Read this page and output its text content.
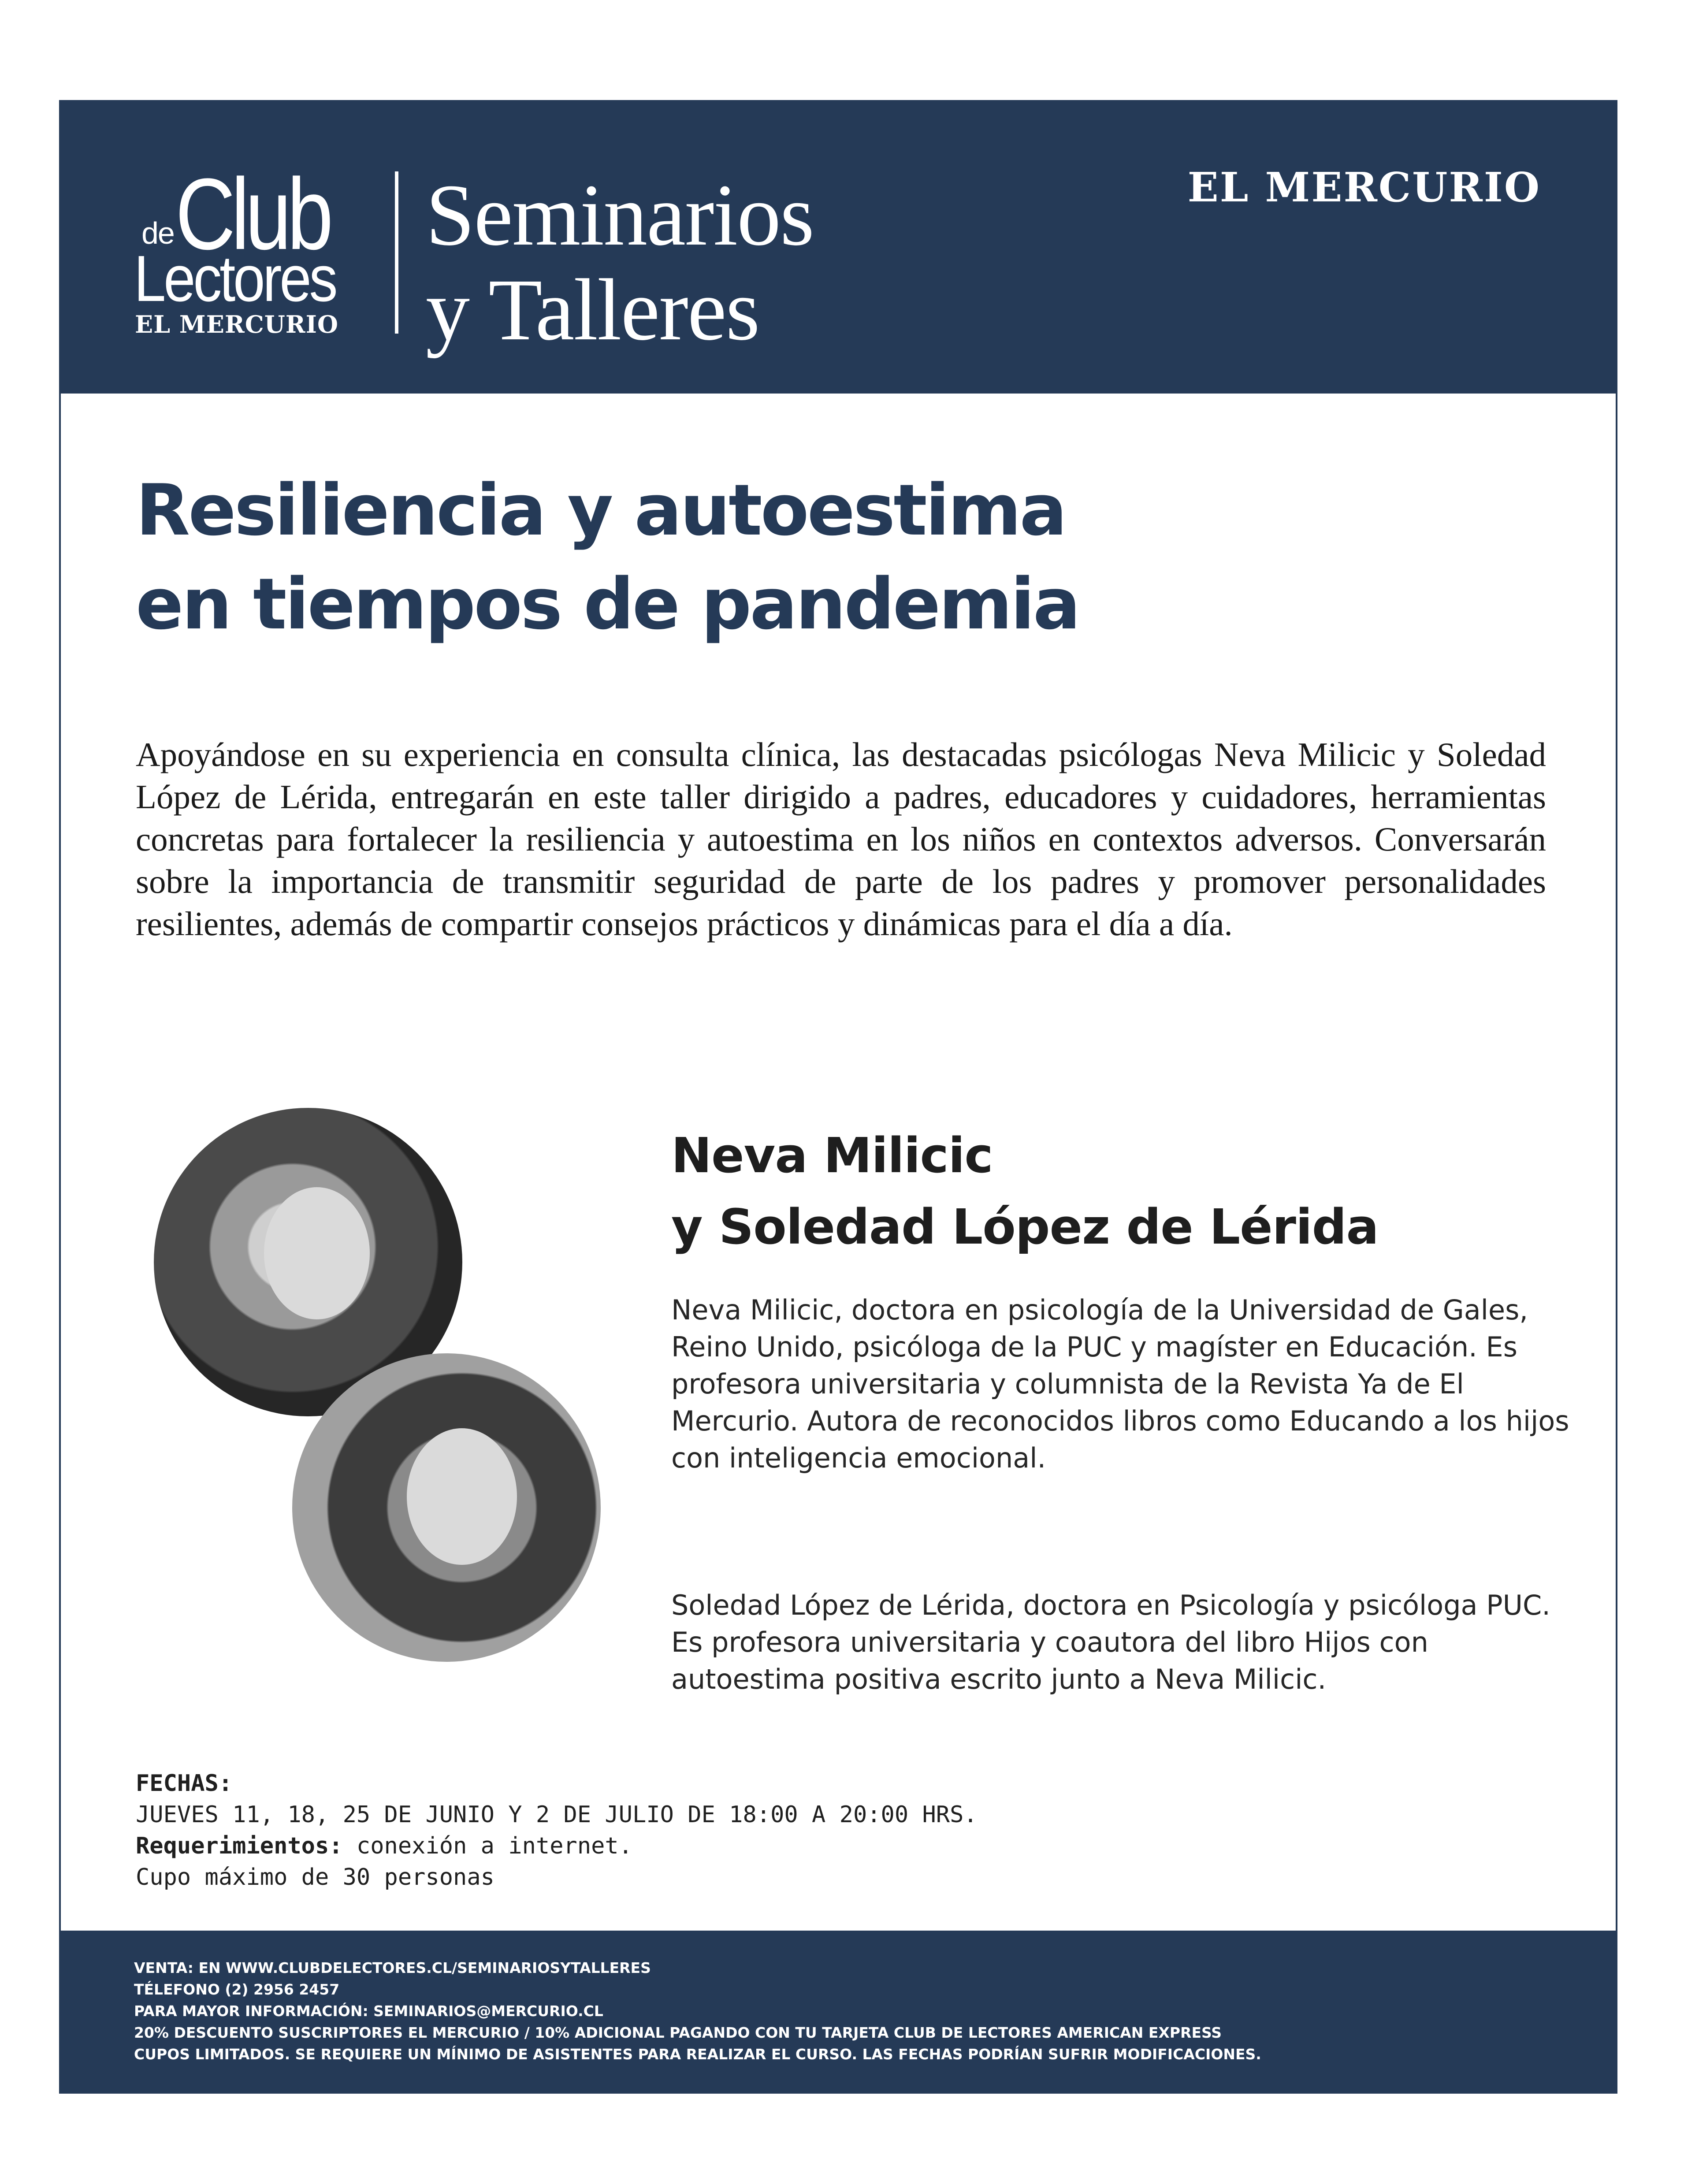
de Club
Lectores
EL MERCURIO
Seminarios
y Talleres
EL MERCURIO
Resiliencia y autoestima
en tiempos de pandemia
Apoyándose en su experiencia en consulta clínica, las destacadas psicólogas Neva Milicic y Soledad López de Lérida, entregarán en este taller dirigido a padres, educadores y cuidadores, herramientas concretas para fortalecer la resiliencia y autoestima en los niños en contextos adversos. Conversarán sobre la importancia de transmitir seguridad de parte de los padres y promover personalidades resilientes, además de compartir consejos prácticos y dinámicas para el día a día.
Neva Milicic
y Soledad López de Lérida
Neva Milicic, doctora en psicología de la Universidad de Gales, Reino Unido, psicóloga de la PUC y magíster en Educación. Es profesora universitaria y columnista de la Revista Ya de El Mercurio. Autora de reconocidos libros como Educando a los hijos con inteligencia emocional.
Soledad López de Lérida, doctora en Psicología y psicóloga PUC. Es profesora universitaria y coautora del libro Hijos con autoestima positiva escrito junto a Neva Milicic.
FECHAS:
JUEVES 11, 18, 25 DE JUNIO Y 2 DE JULIO DE 18:00 A 20:00 HRS.
Requerimientos: conexión a internet.
Cupo máximo de 30 personas
VENTA: EN WWW.CLUBDELECTORES.CL/SEMINARIOSYTALLERES
TÉLEFONO (2) 2956 2457
PARA MAYOR INFORMACIÓN: SEMINARIOS@MERCURIO.CL
20% DESCUENTO SUSCRIPTORES EL MERCURIO / 10% ADICIONAL PAGANDO CON TU TARJETA CLUB DE LECTORES AMERICAN EXPRESS
CUPOS LIMITADOS. SE REQUIERE UN MÍNIMO DE ASISTENTES PARA REALIZAR EL CURSO. LAS FECHAS PODRÍAN SUFRIR MODIFICACIONES.
